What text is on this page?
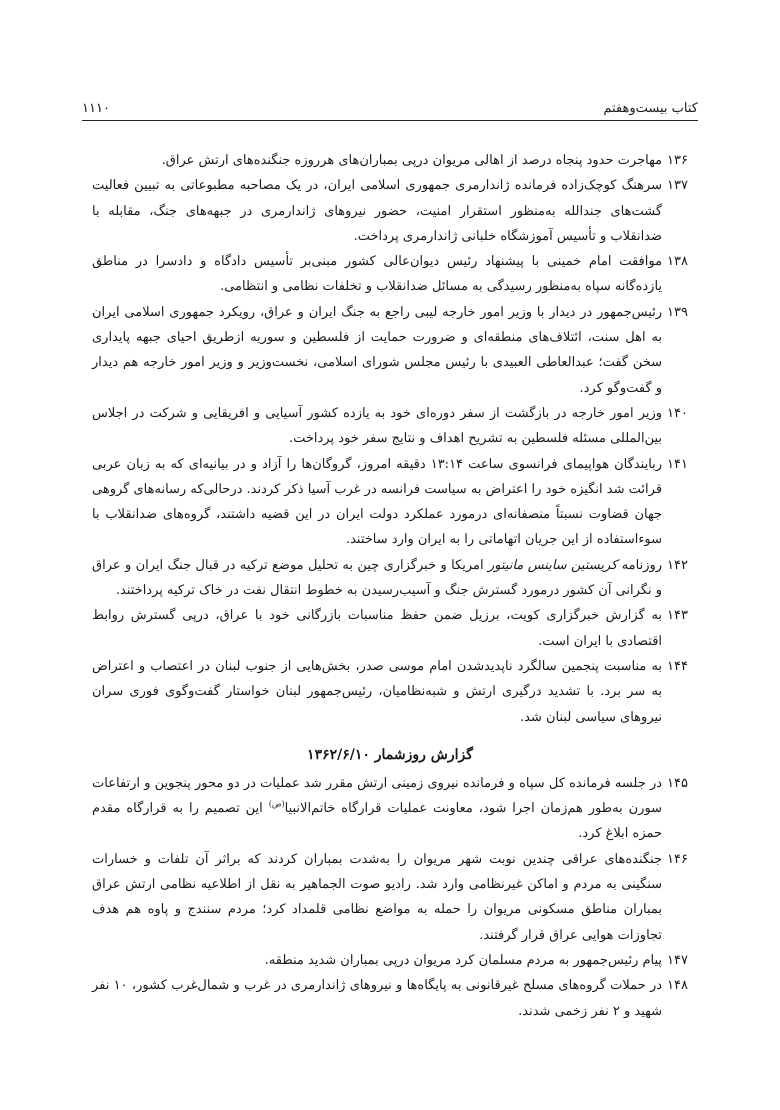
کتاب بیست‌وهفتم
۱۱۱۰
۱۳۶
مهاجرت حدود پنجاه درصد از اهالی مریوان درپی بمباران‌های هرروزه جنگنده‌های ارتش عراق.
۱۳۷
سرهنگ کوچک‌زاده فرمانده ژاندارمری جمهوری اسلامی ایران، در یک مصاحبه مطبوعاتی به تبیین فعالیت گشت‌های جندالله به‌منظور استقرار امنیت، حضور نیروهای ژاندارمری در جبهه‌های جنگ، مقابله با ضدانقلاب و تأسیس آموزشگاه خلبانی ژاندارمری پرداخت.
۱۳۸
موافقت امام خمینی با پیشنهاد رئیس دیوان‌عالی کشور مبنی‌بر تأسیس دادگاه و دادسرا در مناطق یازده‌گانه سپاه به‌منظور رسیدگی به مسائل ضدانقلاب و تخلفات نظامی و انتظامی.
۱۳۹
رئیس‌جمهور در دیدار با وزیر امور خارجه لیبی راجع به جنگ ایران و عراق، رویکرد جمهوری اسلامی ایران به اهل سنت، ائتلاف‌های منطقه‌ای و ضرورت حمایت از فلسطین و سوریه ازطریق احیای جبهه پایداری سخن گفت؛ عبدالعاطی العبیدی با رئیس مجلس شورای اسلامی، نخست‌وزیر و وزیر امور خارجه هم دیدار و گفت‌وگو کرد.
۱۴۰
وزیر امور خارجه در بازگشت از سفر دوره‌ای خود به یازده کشور آسیایی و افریقایی و شرکت در اجلاس بین‌المللی مسئله فلسطین به تشریح اهداف و نتایج سفر خود پرداخت.
۱۴۱
ربایندگان هواپیمای فرانسوی ساعت ۱۳:۱۴ دقیقه امروز، گروگان‌ها را آزاد و در بیانیه‌ای که به زبان عربی قرائت شد انگیزه خود را اعتراض به سیاست فرانسه در غرب آسیا ذکر کردند. درحالی‌که رسانه‌های گروهی جهان قضاوت نسبتاً منصفانه‌ای درمورد عملکرد دولت ایران در این قضیه داشتند، گروه‌های ضدانقلاب با سوءاستفاده از این جریان اتهاماتی را به ایران وارد ساختند.
۱۴۲
روزنامه کریستین ساینس مانیتور امریکا و خبرگزاری چین به تحلیل موضع ترکیه در قبال جنگ ایران و عراق و نگرانی آن کشور درمورد گسترش جنگ و آسیب‌رسیدن به خطوط انتقال نفت در خاک ترکیه پرداختند.
۱۴۳
به گزارش خبرگزاری کویت، برزیل ضمن حفظ مناسبات بازرگانی خود با عراق، درپی گسترش روابط اقتصادی با ایران است.
۱۴۴
به مناسبت پنجمین سالگرد ناپدیدشدن امام موسی صدر، بخش‌هایی از جنوب لبنان در اعتصاب و اعتراض به سر برد. با تشدید درگیری ارتش و شبه‌نظامیان، رئیس‌جمهور لبنان خواستار گفت‌وگوی فوری سران نیروهای سیاسی لبنان شد.
گزارش روزشمار ۱۳۶۲/۶/۱۰
۱۴۵
در جلسه فرمانده کل سپاه و فرمانده نیروی زمینی ارتش مقرر شد عملیات در دو محور پنجوین و ارتفاعات سورن به‌طور هم‌زمان اجرا شود، معاونت عملیات قرارگاه خاتم‌الانبیا$^{(ص)}$ این تصمیم را به قرارگاه مقدم حمزه ابلاغ کرد.
۱۴۶
جنگنده‌های عراقی چندین نوبت شهر مریوان را به‌شدت بمباران کردند که براثر آن تلفات و خسارات سنگینی به مردم و اماکن غیرنظامی وارد شد. رادیو صوت الجماهیر به نقل از اطلاعیه نظامی ارتش عراق بمباران مناطق مسکونی مریوان را حمله به مواضع نظامی قلمداد کرد؛ مردم سنندج و پاوه هم هدف تجاوزات هوایی عراق قرار گرفتند.
۱۴۷
پیام رئیس‌جمهور به مردم مسلمان کرد مریوان درپی بمباران شدید منطقه.
۱۴۸
در حملات گروه‌های مسلح غیرقانونی به پایگاه‌ها و نیروهای ژاندارمری در غرب و شمال‌غرب کشور، ۱۰ نفر شهید و ۲ نفر زخمی شدند.
